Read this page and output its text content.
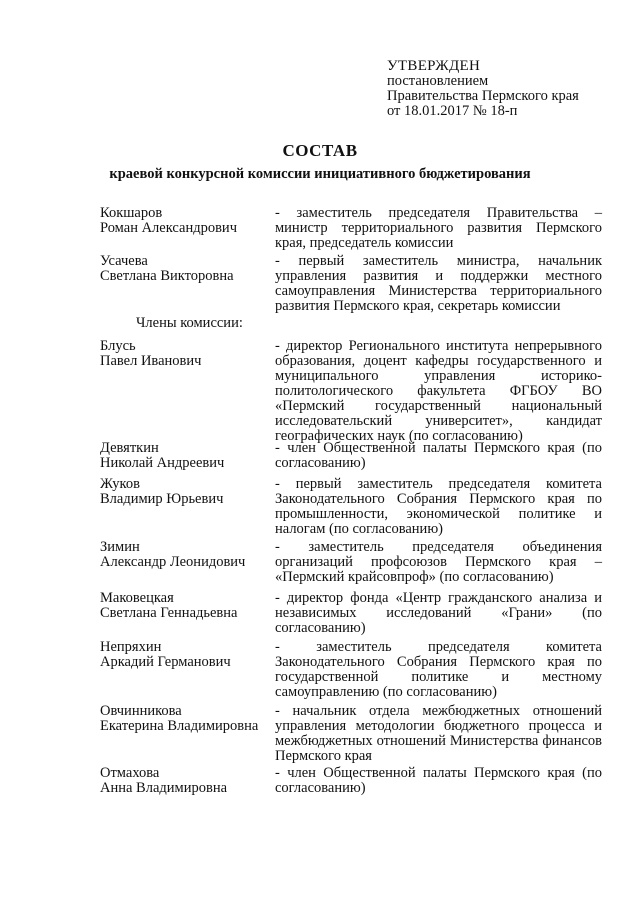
УТВЕРЖДЕН
постановлением
Правительства Пермского края
от 18.01.2017 № 18-п
СОСТАВ
краевой конкурсной комиссии инициативного бюджетирования
Кокшаров
Роман Александрович
- заместитель председателя Правительства – министр территориального развития Пермского края, председатель комиссии
Усачева
Светлана Викторовна
- первый заместитель министра, начальник управления развития и поддержки местного самоуправления Министерства территориального развития Пермского края, секретарь комиссии
Члены комиссии:
Блусь
Павел Иванович
- директор Регионального института непрерывного образования, доцент кафедры государственного и муниципального управления историко-политологического факультета ФГБОУ ВО «Пермский государственный национальный исследовательский университет», кандидат географических наук (по согласованию)
Девяткин
Николай Андреевич
- член Общественной палаты Пермского края (по согласованию)
Жуков
Владимир Юрьевич
- первый заместитель председателя комитета Законодательного Собрания Пермского края по промышленности, экономической политике и налогам (по согласованию)
Зимин
Александр Леонидович
- заместитель председателя объединения организаций профсоюзов Пермского края – «Пермский крайсовпроф» (по согласованию)
Маковецкая
Светлана Геннадьевна
- директор фонда «Центр гражданского анализа и независимых исследований «Грани» (по согласованию)
Непряхин
Аркадий Германович
- заместитель председателя комитета Законодательного Собрания Пермского края по государственной политике и местному самоуправлению (по согласованию)
Овчинникова
Екатерина Владимировна
- начальник отдела межбюджетных отношений управления методологии бюджетного процесса и межбюджетных отношений Министерства финансов Пермского края
Отмахова
Анна Владимировна
- член Общественной палаты Пермского края (по согласованию)
